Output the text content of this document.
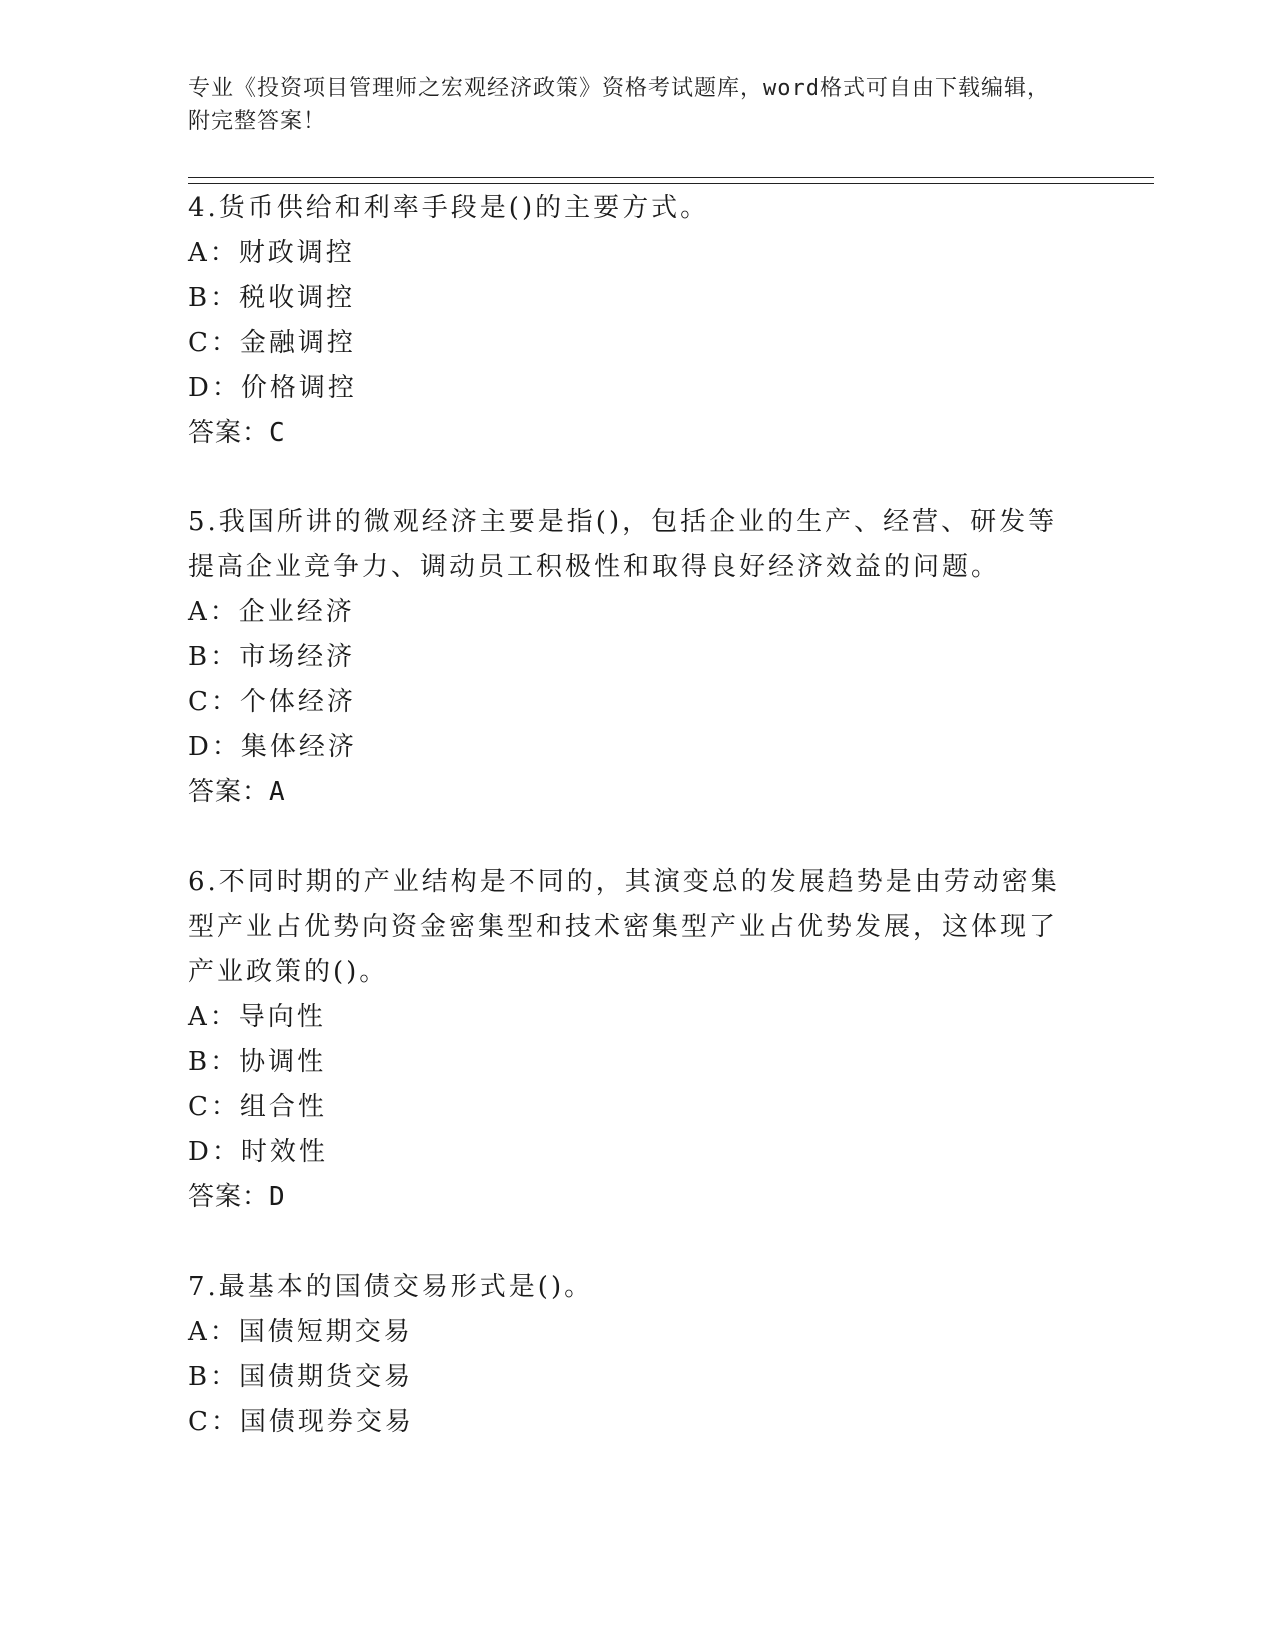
专业《投资项目管理师之宏观经济政策》资格考试题库，word格式可自由下载编辑，附完整答案！

4.货币供给和利率手段是()的主要方式。

A：财政调控

B：税收调控

C：金融调控

D：价格调控

答案：C

5.我国所讲的微观经济主要是指()，包括企业的生产、经营、研发等提高企业竞争力、调动员工积极性和取得良好经济效益的问题。

A：企业经济

B：市场经济

C：个体经济

D：集体经济

答案：A

6.不同时期的产业结构是不同的，其演变总的发展趋势是由劳动密集型产业占优势向资金密集型和技术密集型产业占优势发展，这体现了产业政策的()。

A：导向性

B：协调性

C：组合性

D：时效性

答案：D

7.最基本的国债交易形式是()。

A：国债短期交易

B：国债期货交易

C：国债现券交易
